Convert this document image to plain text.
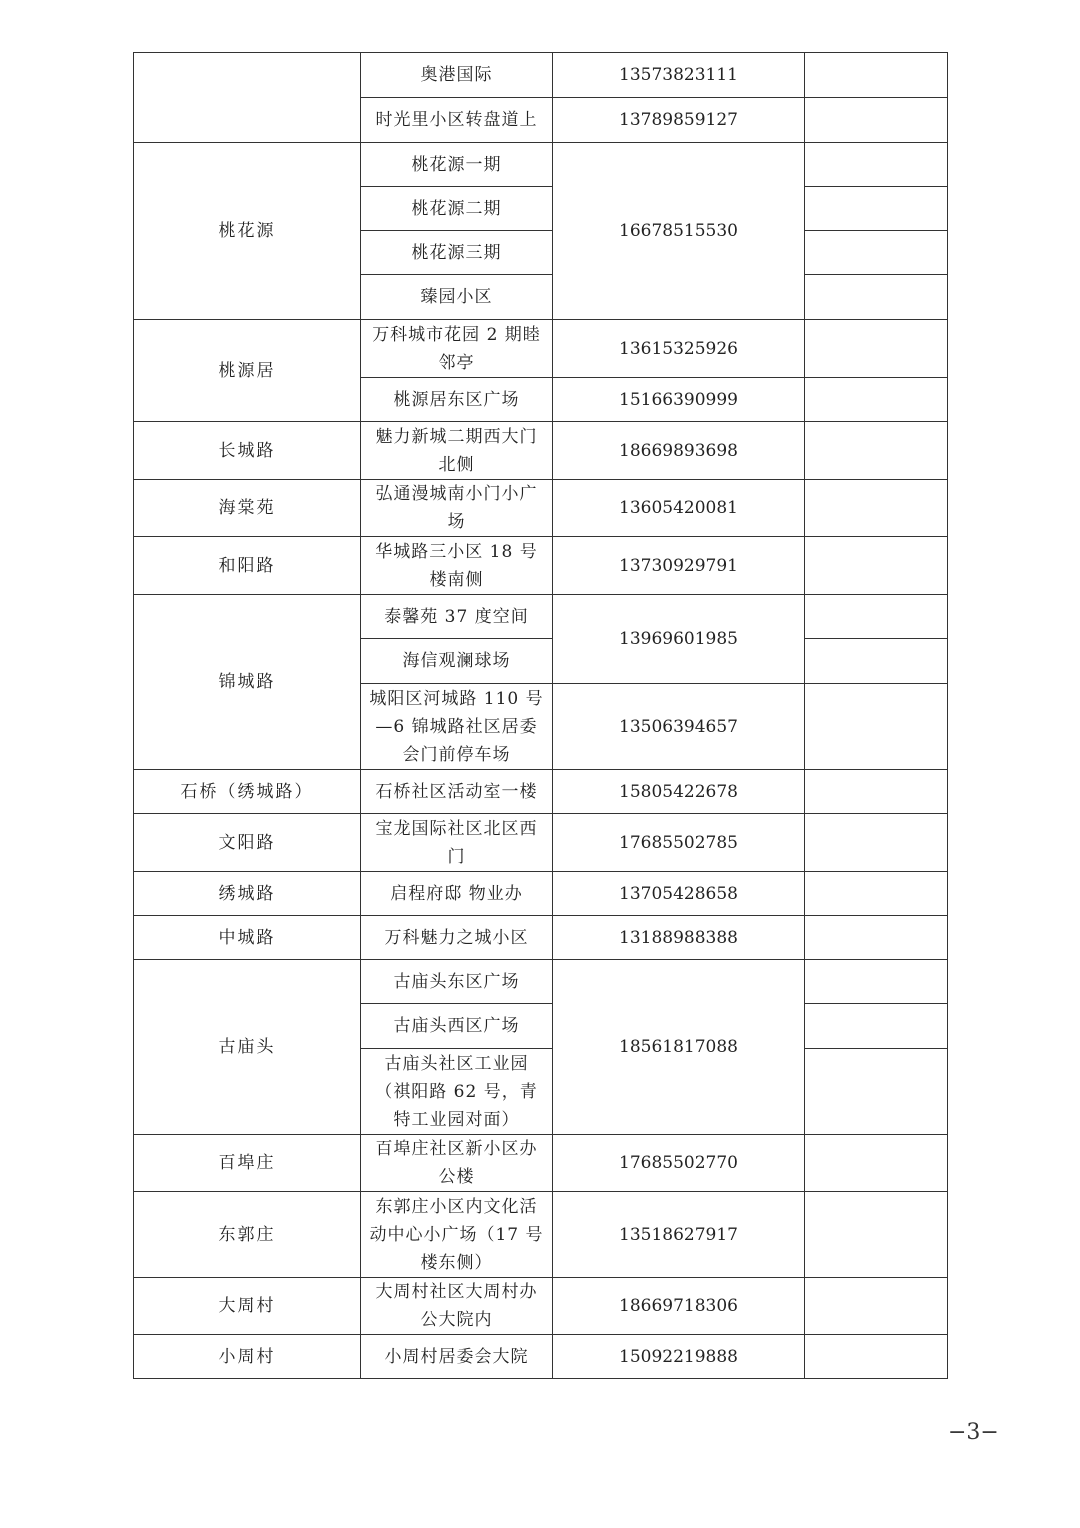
	奥港国际	13573823111	
	时光里小区转盘道上	13789859127	
桃花源	桃花源一期	16678515530	
	桃花源二期		
	桃花源三期		
	臻园小区		
桃源居	万科城市花园 2 期睦邻亭	13615325926	
	桃源居东区广场	15166390999	
长城路	魅力新城二期西大门北侧	18669893698	
海棠苑	弘通漫城南小门小广场	13605420081	
和阳路	华城路三小区 18 号楼南侧	13730929791	
锦城路	泰馨苑 37 度空间	13969601985	
	海信观澜球场		
	城阳区河城路 110 号—6 锦城路社区居委会门前停车场	13506394657	
石桥（绣城路）	石桥社区活动室一楼	15805422678	
文阳路	宝龙国际社区北区西门	17685502785	
绣城路	启程府邸 物业办	13705428658	
中城路	万科魅力之城小区	13188988388	
古庙头	古庙头东区广场	18561817088	
	古庙头西区广场		
	古庙头社区工业园（祺阳路 62 号，青特工业园对面）		
百埠庄	百埠庄社区新小区办公楼	17685502770	
东郭庄	东郭庄小区内文化活动中心小广场（17 号楼东侧）	13518627917	
大周村	大周村社区大周村办公大院内	18669718306	
小周村	小周村居委会大院	15092219888	
−3−
